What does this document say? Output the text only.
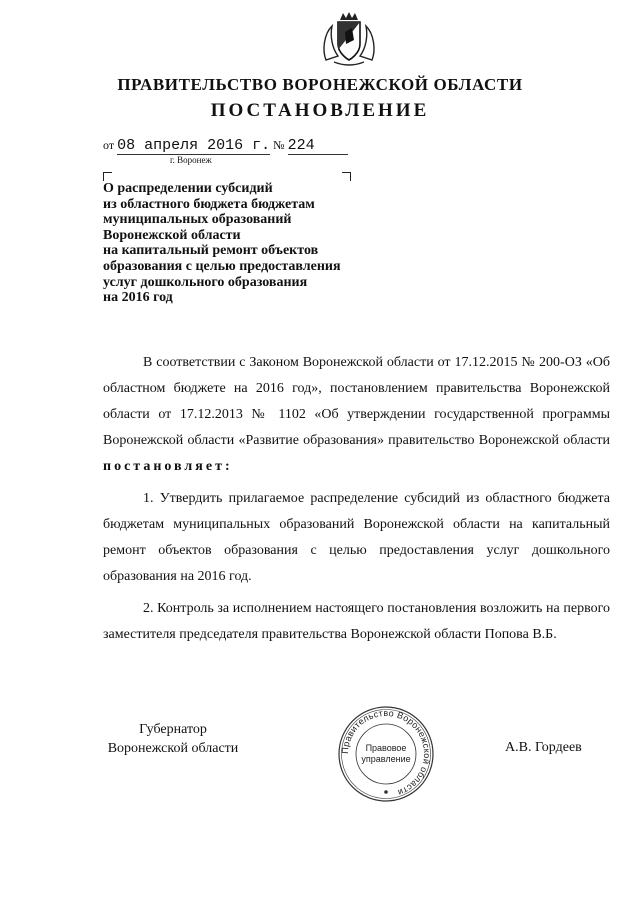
ПРАВИТЕЛЬСТВО ВОРОНЕЖСКОЙ ОБЛАСТИ
ПОСТАНОВЛЕНИЕ
от 08 апреля 2016 г. № 224
г. Воронеж
О распределении субсидий
из областного бюджета бюджетам
муниципальных образований
Воронежской области
на капитальный ремонт объектов
образования с целью предоставления
услуг дошкольного образования
на 2016 год

В соответствии с Законом Воронежской области от 17.12.2015 № 200-ОЗ «Об областном бюджете на 2016 год», постановлением правительства Воронежской области от 17.12.2013 № 1102 «Об утверждении государственной программы Воронежской области «Развитие образования» правительство Воронежской области постановляет:

1. Утвердить прилагаемое распределение субсидий из областного бюджета бюджетам муниципальных образований Воронежской области на капитальный ремонт объектов образования с целью предоставления услуг дошкольного образования на 2016 год.

2. Контроль за исполнением настоящего постановления возложить на первого заместителя председателя правительства Воронежской области Попова В.Б.

Губернатор
Воронежской области	Правительство Воронежской области
Правовое
управление
А.В. Гордеев
